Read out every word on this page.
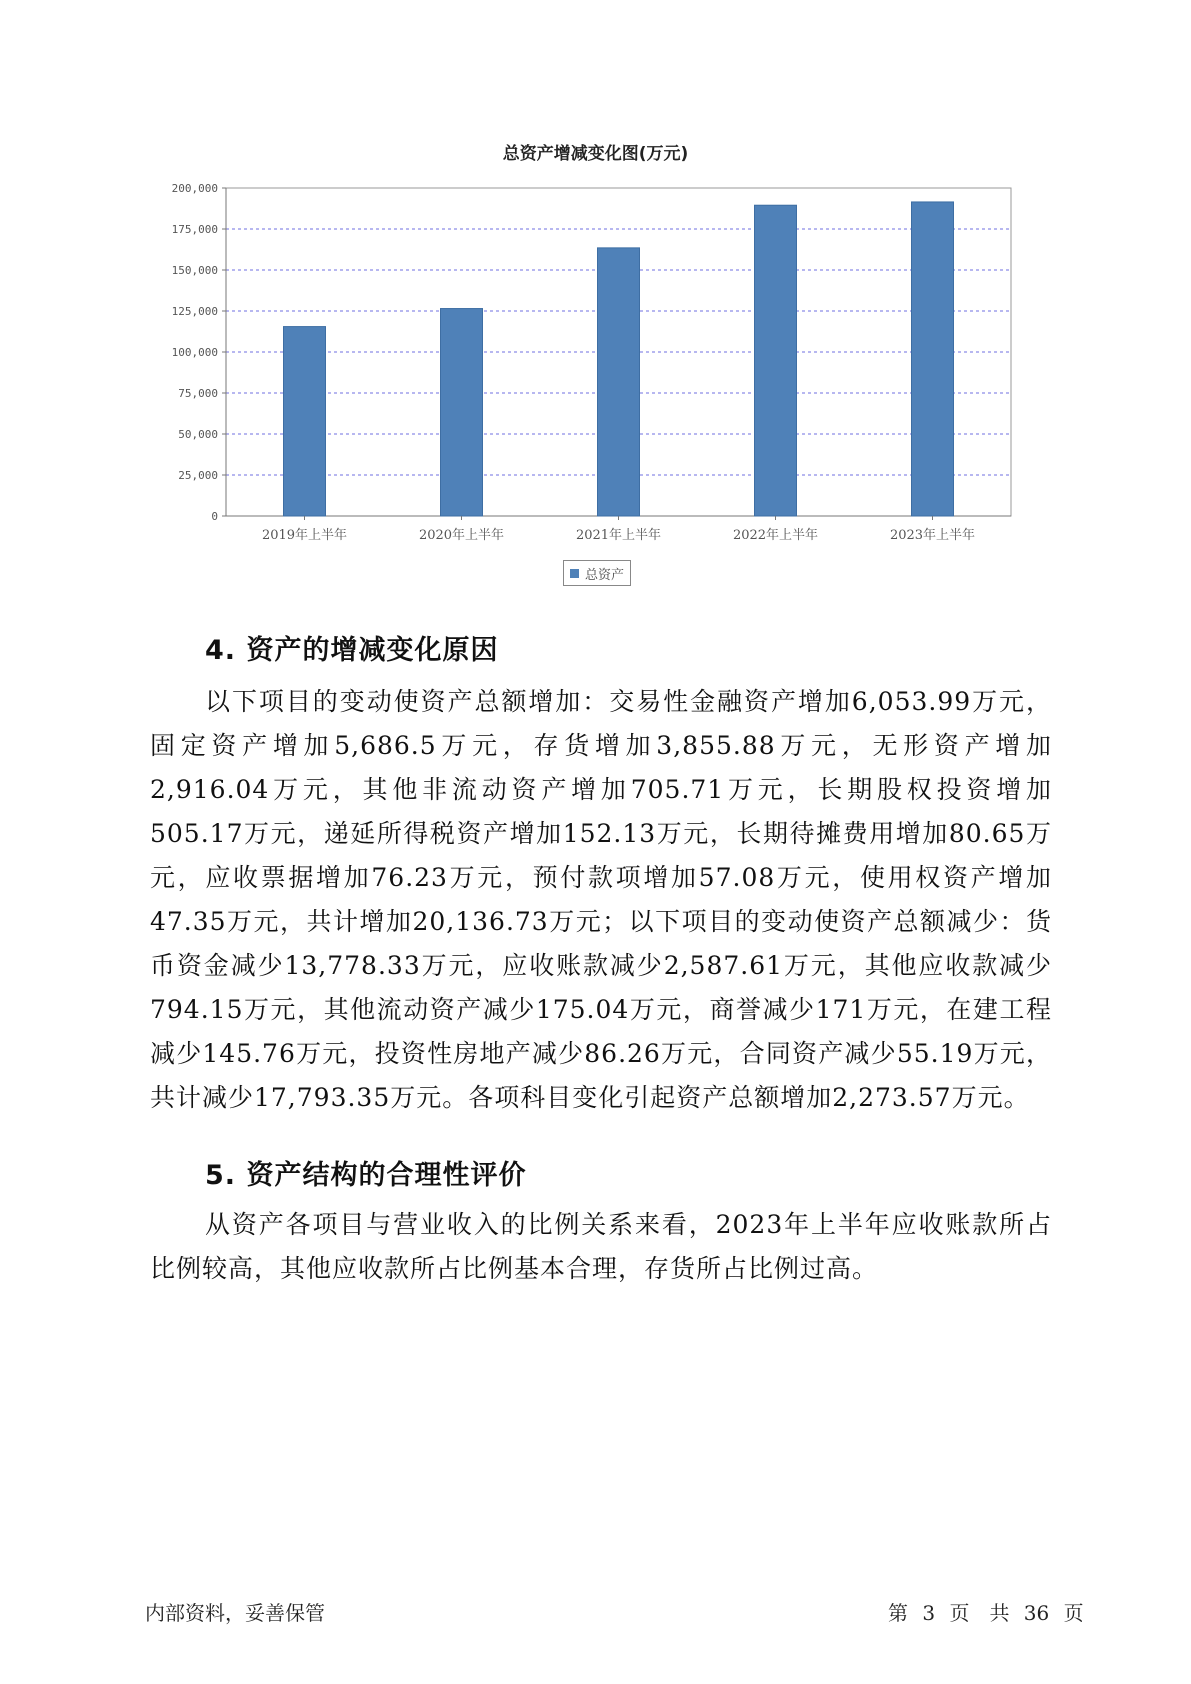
总资产增减变化图(万元)
0
25,000
50,000
75,000
100,000
125,000
150,000
175,000
200,000
2019年上半年	2020年上半年	2021年上半年	2022年上半年	2023年上半年
总资产
4. 资产的增减变化原因

以下项目的变动使资产总额增加：交易性金融资产增加6,053.99万元，固定资产增加5,686.5万元，存货增加3,855.88万元，无形资产增加2,916.04万元，其他非流动资产增加705.71万元，长期股权投资增加505.17万元，递延所得税资产增加152.13万元，长期待摊费用增加80.65万元，应收票据增加76.23万元，预付款项增加57.08万元，使用权资产增加47.35万元，共计增加20,136.73万元；以下项目的变动使资产总额减少：货币资金减少13,778.33万元，应收账款减少2,587.61万元，其他应收款减少794.15万元，其他流动资产减少175.04万元，商誉减少171万元，在建工程减少145.76万元，投资性房地产减少86.26万元，合同资产减少55.19万元，共计减少17,793.35万元。各项科目变化引起资产总额增加2,273.57万元。

5. 资产结构的合理性评价

从资产各项目与营业收入的比例关系来看，2023年上半年应收账款所占比例较高，其他应收款所占比例基本合理，存货所占比例过高。

内部资料，妥善保管	第 3 页　共 36 页
